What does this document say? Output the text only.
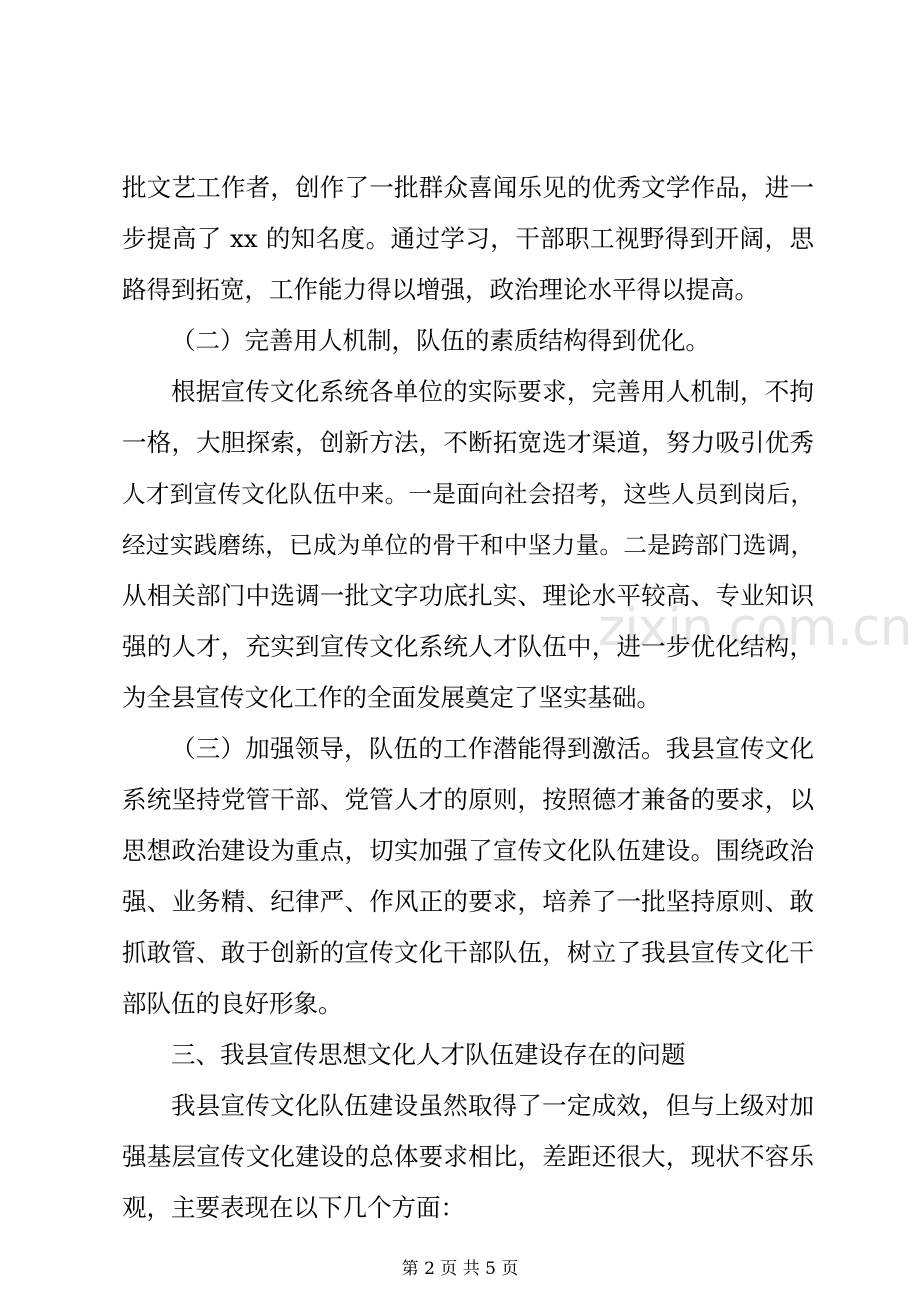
批文艺工作者，创作了一批群众喜闻乐见的优秀文学作品，进一
步提高了 xx 的知名度。通过学习，干部职工视野得到开阔，思
路得到拓宽，工作能力得以增强，政治理论水平得以提高。
（二）完善用人机制，队伍的素质结构得到优化。
根据宣传文化系统各单位的实际要求，完善用人机制，不拘
一格，大胆探索，创新方法，不断拓宽选才渠道，努力吸引优秀
人才到宣传文化队伍中来。一是面向社会招考，这些人员到岗后，
经过实践磨练，已成为单位的骨干和中坚力量。二是跨部门选调，
从相关部门中选调一批文字功底扎实、理论水平较高、专业知识
强的人才，充实到宣传文化系统人才队伍中，进一步优化结构，
为全县宣传文化工作的全面发展奠定了坚实基础。
（三）加强领导，队伍的工作潜能得到激活。我县宣传文化
系统坚持党管干部、党管人才的原则，按照德才兼备的要求，以
思想政治建设为重点，切实加强了宣传文化队伍建设。围绕政治
强、业务精、纪律严、作风正的要求，培养了一批坚持原则、敢
抓敢管、敢于创新的宣传文化干部队伍，树立了我县宣传文化干
部队伍的良好形象。
三、我县宣传思想文化人才队伍建设存在的问题
我县宣传文化队伍建设虽然取得了一定成效，但与上级对加
强基层宣传文化建设的总体要求相比，差距还很大，现状不容乐
观，主要表现在以下几个方面：
zixin.com.cn
第 2 页 共 5 页
